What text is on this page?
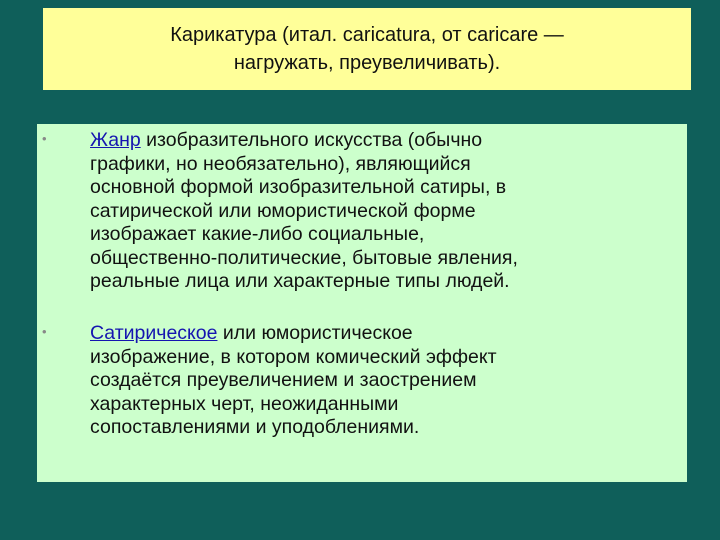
Карикатура (итал. caricatura, от caricare —
нагружать, преувеличивать).
• Жанр изобразительного искусства (обычно
графики, но необязательно), являющийся
основной формой изобразительной сатиры, в
сатирической или юмористической форме
изображает какие-либо социальные,
общественно-политические, бытовые явления,
реальные лица или характерные типы людей.
• Сатирическое или юмористическое
изображение, в котором комический эффект
создаётся преувеличением и заострением
характерных черт, неожиданными
сопоставлениями и уподоблениями.
